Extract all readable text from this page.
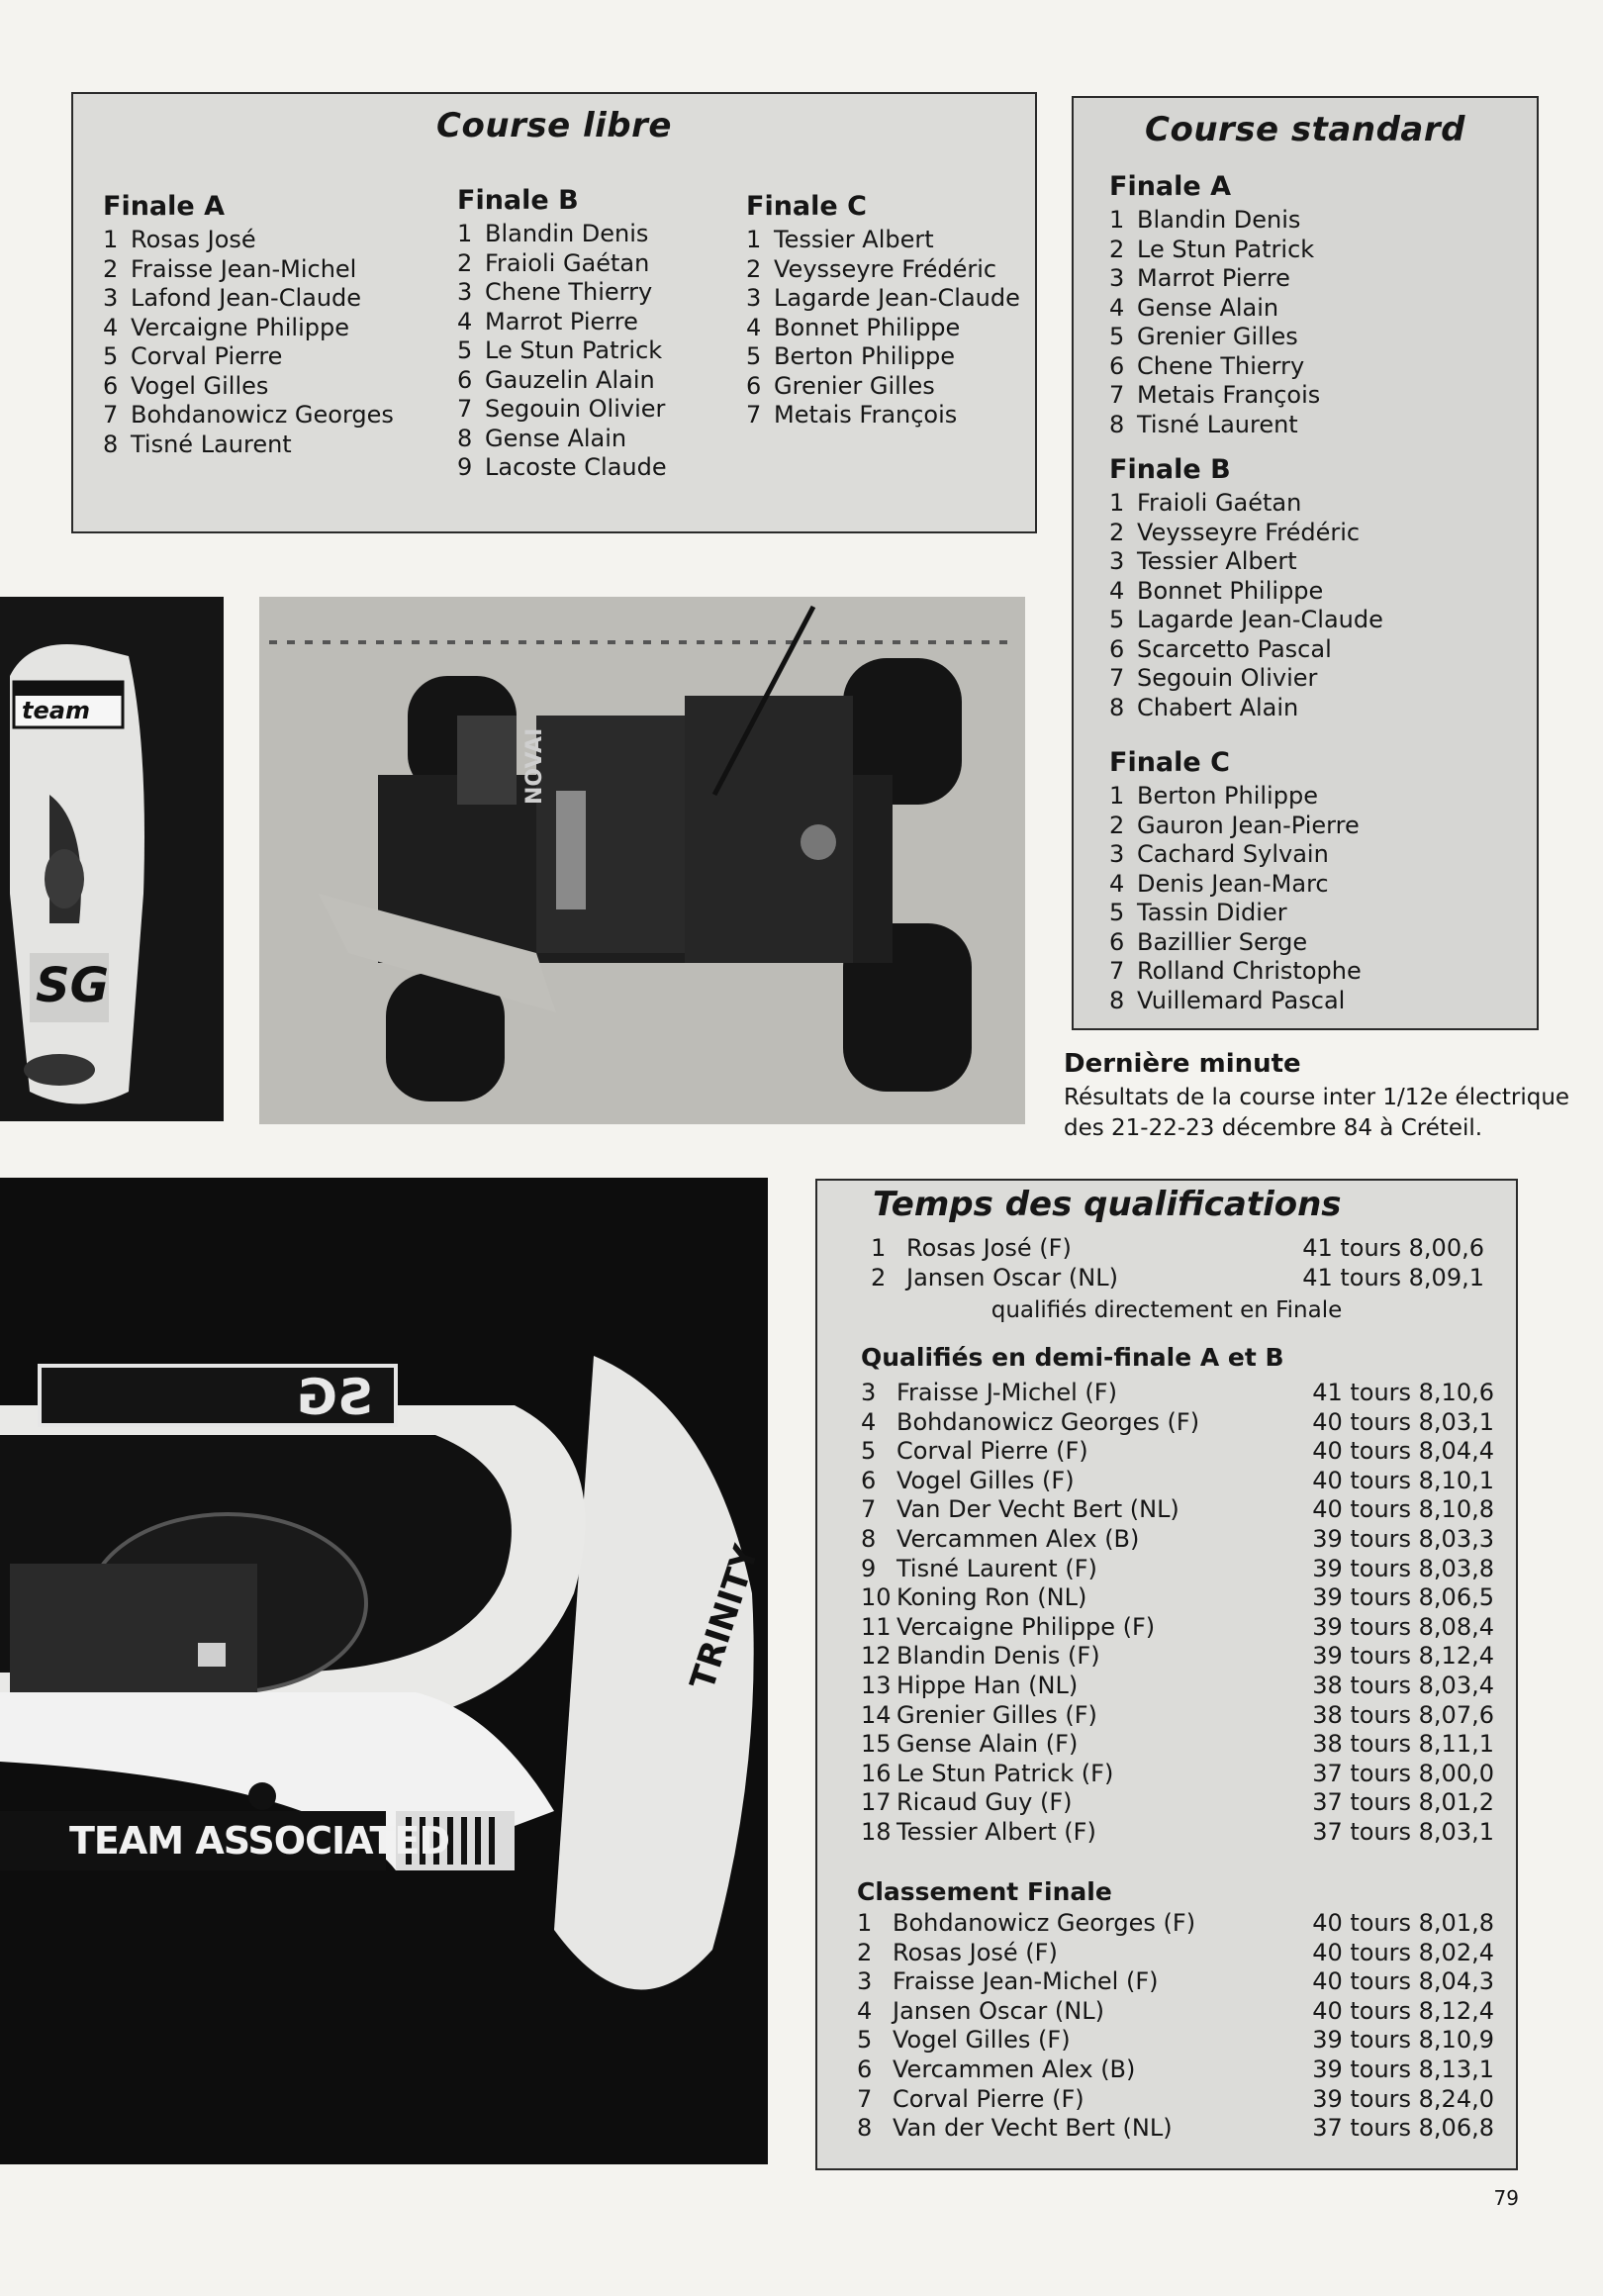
Course libre
Finale A
1 Rosas José
2 Fraisse Jean-Michel
3 Lafond Jean-Claude
4 Vercaigne Philippe
5 Corval Pierre
6 Vogel Gilles
7 Bohdanowicz Georges
8 Tisné Laurent
Finale B
1 Blandin Denis
2 Fraioli Gaétan
3 Chene Thierry
4 Marrot Pierre
5 Le Stun Patrick
6 Gauzelin Alain
7 Segouin Olivier
8 Gense Alain
9 Lacoste Claude
Finale C
1 Tessier Albert
2 Veysseyre Frédéric
3 Lagarde Jean-Claude
4 Bonnet Philippe
5 Berton Philippe
6 Grenier Gilles
7 Metais François
Course standard
Finale A
1 Blandin Denis
2 Le Stun Patrick
3 Marrot Pierre
4 Gense Alain
5 Grenier Gilles
6 Chene Thierry
7 Metais François
8 Tisné Laurent
Finale B
1 Fraioli Gaétan
2 Veysseyre Frédéric
3 Tessier Albert
4 Bonnet Philippe
5 Lagarde Jean-Claude
6 Scarcetto Pascal
7 Segouin Olivier
8 Chabert Alain
Finale C
1 Berton Philippe
2 Gauron Jean-Pierre
3 Cachard Sylvain
4 Denis Jean-Marc
5 Tassin Didier
6 Bazillier Serge
7 Rolland Christophe
8 Vuillemard Pascal
Dernière minute
Résultats de la course inter 1/12e électrique
des 21-22-23 décembre 84 à Créteil.
team
SG
NOVAI
SG
TEAM ASSOCIATED
TRINITY
Temps des qualifications
1	Rosas José (F)	41 tours 8,00,6
2	Jansen Oscar (NL)	41 tours 8,09,1
qualifiés directement en Finale
Qualifiés en demi-finale A et B
3	Fraisse J-Michel (F)	41 tours 8,10,6
4	Bohdanowicz Georges (F)	40 tours 8,03,1
5	Corval Pierre (F)	40 tours 8,04,4
6	Vogel Gilles (F)	40 tours 8,10,1
7	Van Der Vecht Bert (NL)	40 tours 8,10,8
8	Vercammen Alex (B)	39 tours 8,03,3
9	Tisné Laurent (F)	39 tours 8,03,8
10	Koning Ron (NL)	39 tours 8,06,5
11	Vercaigne Philippe (F)	39 tours 8,08,4
12	Blandin Denis (F)	39 tours 8,12,4
13	Hippe Han (NL)	38 tours 8,03,4
14	Grenier Gilles (F)	38 tours 8,07,6
15	Gense Alain (F)	38 tours 8,11,1
16	Le Stun Patrick (F)	37 tours 8,00,0
17	Ricaud Guy (F)	37 tours 8,01,2
18	Tessier Albert (F)	37 tours 8,03,1
Classement Finale
1	Bohdanowicz Georges (F)	40 tours 8,01,8
2	Rosas José (F)	40 tours 8,02,4
3	Fraisse Jean-Michel (F)	40 tours 8,04,3
4	Jansen Oscar (NL)	40 tours 8,12,4
5	Vogel Gilles (F)	39 tours 8,10,9
6	Vercammen Alex (B)	39 tours 8,13,1
7	Corval Pierre (F)	39 tours 8,24,0
8	Van der Vecht Bert (NL)	37 tours 8,06,8
79
